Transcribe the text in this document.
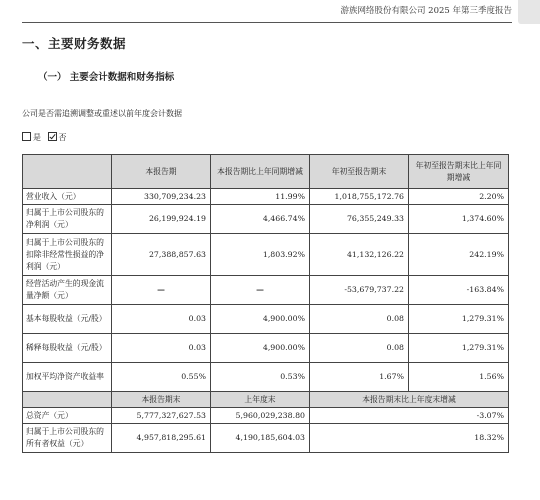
游族网络股份有限公司 2025 年第三季度报告
一、主要财务数据
（一） 主要会计数据和财务指标
公司是否需追溯调整或重述以前年度会计数据
是 否
	本报告期	本报告期比上年同期增减	年初至报告期末	年初至报告期末比上年同期增减
营业收入（元）	330,709,234.23	11.99%	1,018,755,172.76	2.20%
归属于上市公司股东的净利润（元）	26,199,924.19	4,466.74%	76,355,249.33	1,374.60%
归属于上市公司股东的扣除非经常性损益的净利润（元）	27,388,857.63	1,803.92%	41,132,126.22	242.19%
经营活动产生的现金流量净额（元）	—	—	-53,679,737.22	-163.84%
基本每股收益（元/股）	0.03	4,900.00%	0.08	1,279.31%
稀释每股收益（元/股）	0.03	4,900.00%	0.08	1,279.31%
加权平均净资产收益率	0.55%	0.53%	1.67%	1.56%
	本报告期末	上年度末	本报告期末比上年度末增减	
总资产（元）	5,777,327,627.53	5,960,029,238.80	-3.07%	
归属于上市公司股东的所有者权益（元）	4,957,818,295.61	4,190,185,604.03	18.32%	
